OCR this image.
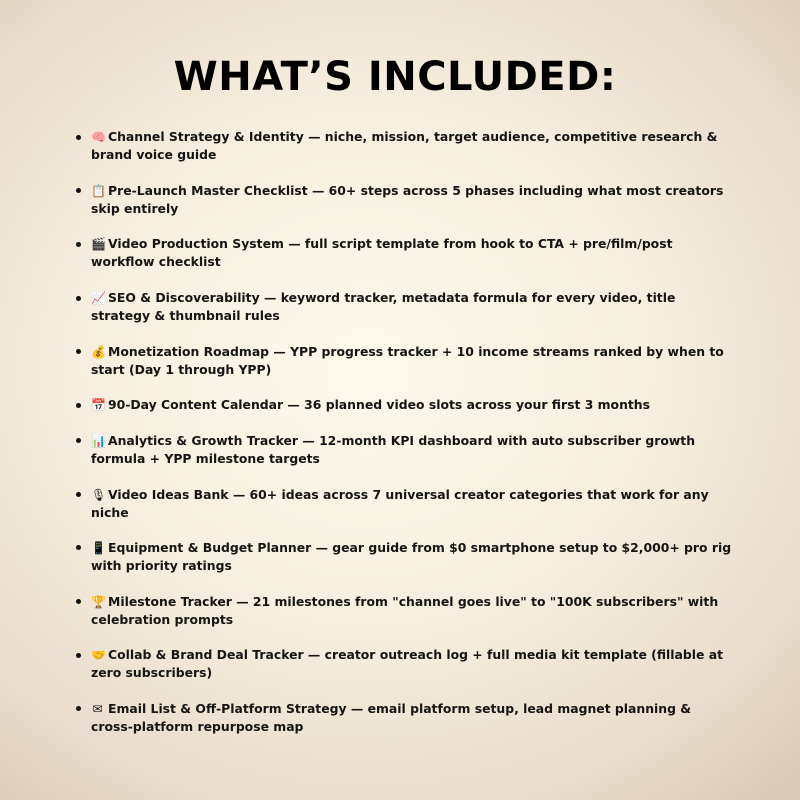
WHAT’S INCLUDED:
🧠 Channel Strategy & Identity — niche, mission, target audience, competitive research & brand voice guide
📋 Pre-Launch Master Checklist — 60+ steps across 5 phases including what most creators skip entirely
🎬 Video Production System — full script template from hook to CTA + pre/film/post workflow checklist
📈 SEO & Discoverability — keyword tracker, metadata formula for every video, title strategy & thumbnail rules
💰 Monetization Roadmap — YPP progress tracker + 10 income streams ranked by when to start (Day 1 through YPP)
📅 90-Day Content Calendar — 36 planned video slots across your first 3 months
📊 Analytics & Growth Tracker — 12-month KPI dashboard with auto subscriber growth formula + YPP milestone targets
🎙 Video Ideas Bank — 60+ ideas across 7 universal creator categories that work for any niche
📱 Equipment & Budget Planner — gear guide from $0 smartphone setup to $2,000+ pro rig with priority ratings
🏆 Milestone Tracker — 21 milestones from "channel goes live" to "100K subscribers" with celebration prompts
🤝 Collab & Brand Deal Tracker — creator outreach log + full media kit template (fillable at zero subscribers)
✉ Email List & Off-Platform Strategy — email platform setup, lead magnet planning & cross-platform repurpose map
